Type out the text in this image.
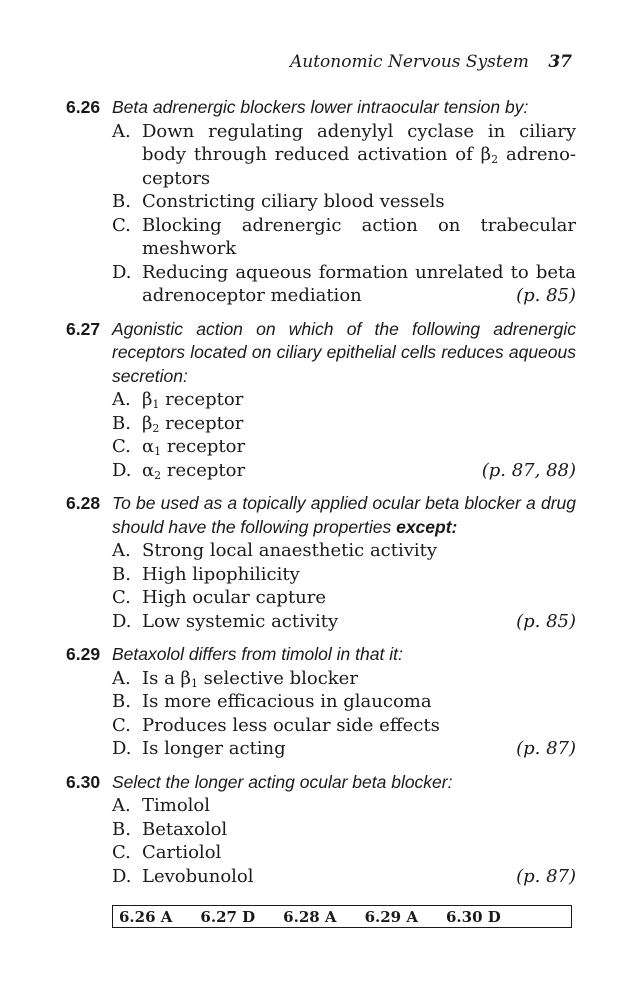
Autonomic Nervous System 37
6.26 Beta adrenergic blockers lower intraocular tension by:
A. Down regulating adenylyl cyclase in ciliary body through reduced activation of $\beta_2$ adreno-ceptors
B. Constricting ciliary blood vessels
C. Blocking adrenergic action on trabecular meshwork
D. Reducing aqueous formation unrelated to beta adrenoceptor mediation	(p. 85)
6.27 Agonistic action on which of the following adrenergic receptors located on ciliary epithelial cells reduces aqueous secretion:
A. $\beta_1$ receptor
B. $\beta_2$ receptor
C. $\alpha_1$ receptor
D. $\alpha_2$ receptor	(p. 87, 88)
6.28 To be used as a topically applied ocular beta blocker a drug should have the following properties except:
A. Strong local anaesthetic activity
B. High lipophilicity
C. High ocular capture
D. Low systemic activity	(p. 85)
6.29 Betaxolol differs from timolol in that it:
A. Is a $\beta_1$ selective blocker
B. Is more efficacious in glaucoma
C. Produces less ocular side effects
D. Is longer acting	(p. 87)
6.30 Select the longer acting ocular beta blocker:
A. Timolol
B. Betaxolol
C. Cartiolol
D. Levobunolol	(p. 87)
6.26 A 6.27 D 6.28 A 6.29 A 6.30 D
